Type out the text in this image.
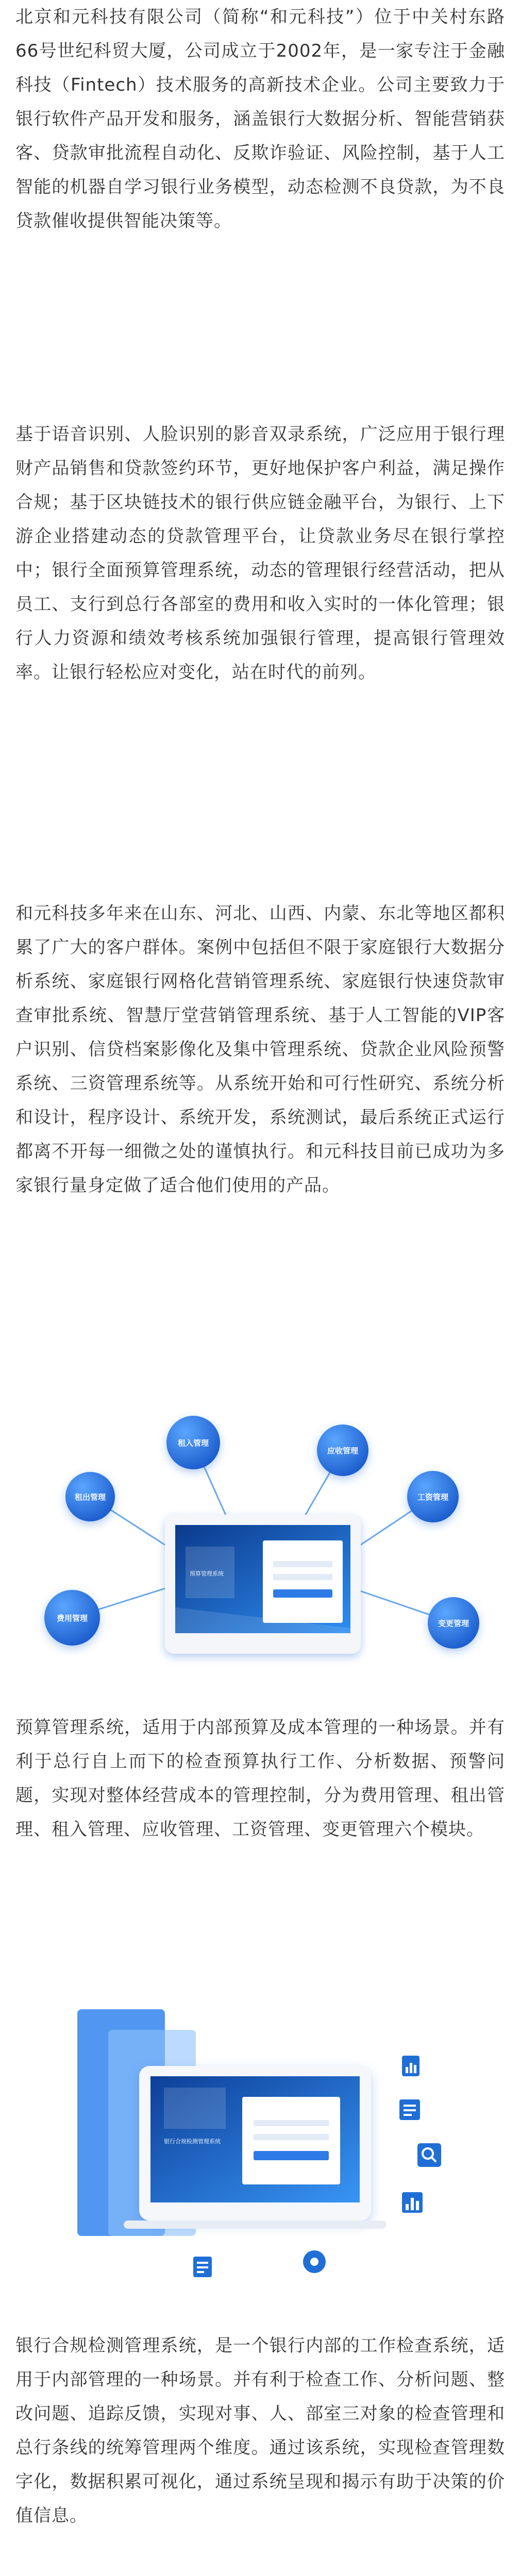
北京和元科技有限公司（简称“和元科技”）位于中关村东路66号世纪科贸大厦，公司成立于2002年，是一家专注于金融科技（Fintech）技术服务的高新技术企业。公司主要致力于银行软件产品开发和服务，涵盖银行大数据分析、智能营销获客、贷款审批流程自动化、反欺诈验证、风险控制，基于人工智能的机器自学习银行业务模型，动态检测不良贷款，为不良贷款催收提供智能决策等。

基于语音识别、人脸识别的影音双录系统，广泛应用于银行理财产品销售和贷款签约环节，更好地保护客户利益，满足操作合规；基于区块链技术的银行供应链金融平台，为银行、上下游企业搭建动态的贷款管理平台，让贷款业务尽在银行掌控中；银行全面预算管理系统，动态的管理银行经营活动，把从员工、支行到总行各部室的费用和收入实时的一体化管理；银行人力资源和绩效考核系统加强银行管理，提高银行管理效率。让银行轻松应对变化，站在时代的前列。

和元科技多年来在山东、河北、山西、内蒙、东北等地区都积累了广大的客户群体。案例中包括但不限于家庭银行大数据分析系统、家庭银行网格化营销管理系统、家庭银行快速贷款审查审批系统、智慧厅堂营销管理系统、基于人工智能的VIP客户识别、信贷档案影像化及集中管理系统、贷款企业风险预警系统、三资管理系统等。从系统开始和可行性研究、系统分析和设计，程序设计、系统开发，系统测试，最后系统正式运行都离不开每一细微之处的谨慎执行。和元科技目前已成功为多家银行量身定做了适合他们使用的产品。

预算管理系统
租入管理
应收管理
租出管理	工资管理
费用管理
变更管理

预算管理系统，适用于内部预算及成本管理的一种场景。并有利于总行自上而下的检查预算执行工作、分析数据、预警问题，实现对整体经营成本的管理控制，分为费用管理、租出管理、租入管理、应收管理、工资管理、变更管理六个模块。

银行合规检测管理系统

银行合规检测管理系统，是一个银行内部的工作检查系统，适用于内部管理的一种场景。并有利于检查工作、分析问题、整改问题、追踪反馈，实现对事、人、部室三对象的检查管理和总行条线的统筹管理两个维度。通过该系统，实现检查管理数字化，数据积累可视化，通过系统呈现和揭示有助于决策的价值信息。
